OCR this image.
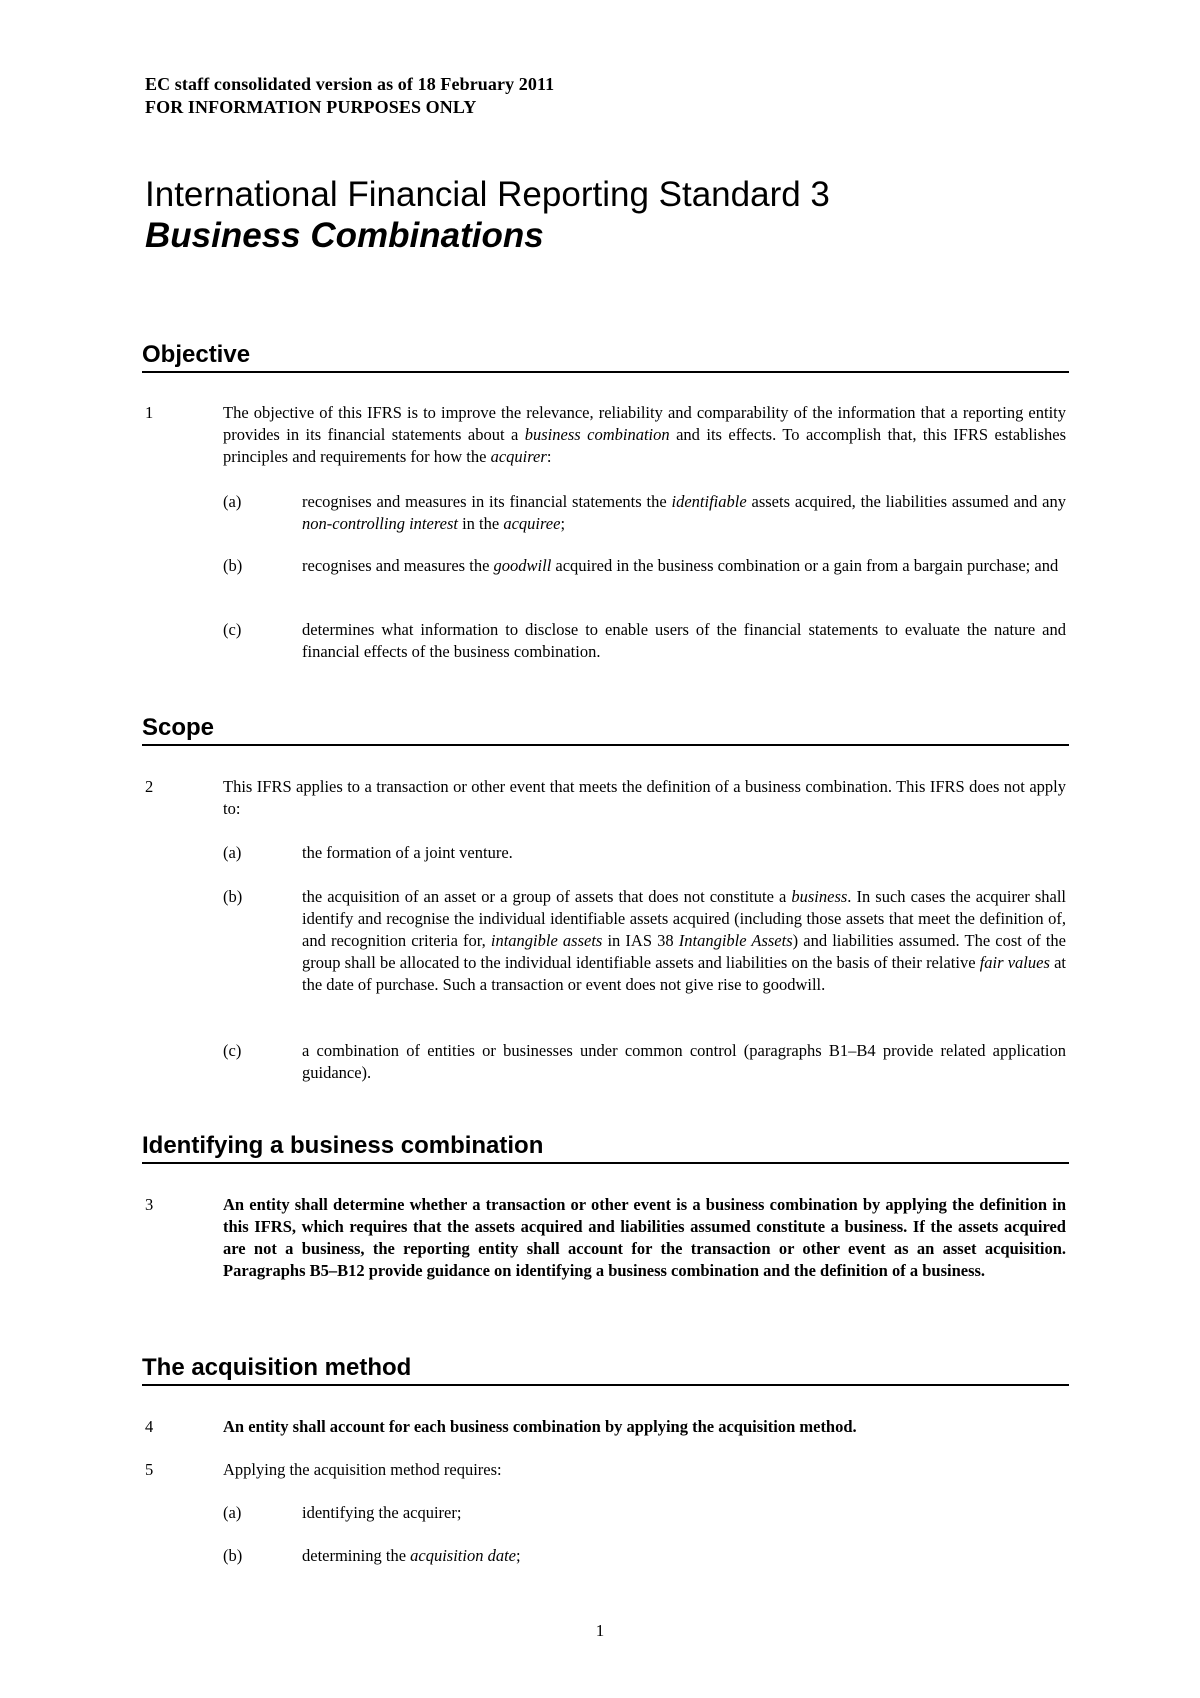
EC staff consolidated version as of 18 February 2011
FOR INFORMATION PURPOSES ONLY
International Financial Reporting Standard 3
Business Combinations
Objective
1	The objective of this IFRS is to improve the relevance, reliability and comparability of the information that a reporting entity provides in its financial statements about a business combination and its effects. To accomplish that, this IFRS establishes principles and requirements for how the acquirer:
(a)	recognises and measures in its financial statements the identifiable assets acquired, the liabilities assumed and any non-controlling interest in the acquiree;
(b)	recognises and measures the goodwill acquired in the business combination or a gain from a bargain purchase; and
(c)	determines what information to disclose to enable users of the financial statements to evaluate the nature and financial effects of the business combination.
Scope
2	This IFRS applies to a transaction or other event that meets the definition of a business combination. This IFRS does not apply to:
(a)	the formation of a joint venture.
(b)	the acquisition of an asset or a group of assets that does not constitute a business. In such cases the acquirer shall identify and recognise the individual identifiable assets acquired (including those assets that meet the definition of, and recognition criteria for, intangible assets in IAS 38 Intangible Assets) and liabilities assumed. The cost of the group shall be allocated to the individual identifiable assets and liabilities on the basis of their relative fair values at the date of purchase. Such a transaction or event does not give rise to goodwill.
(c)	a combination of entities or businesses under common control (paragraphs B1–B4 provide related application guidance).
Identifying a business combination
3	An entity shall determine whether a transaction or other event is a business combination by applying the definition in this IFRS, which requires that the assets acquired and liabilities assumed constitute a business. If the assets acquired are not a business, the reporting entity shall account for the transaction or other event as an asset acquisition. Paragraphs B5–B12 provide guidance on identifying a business combination and the definition of a business.
The acquisition method
4	An entity shall account for each business combination by applying the acquisition method.
5	Applying the acquisition method requires:
(a)	identifying the acquirer;
(b)	determining the acquisition date;
1
